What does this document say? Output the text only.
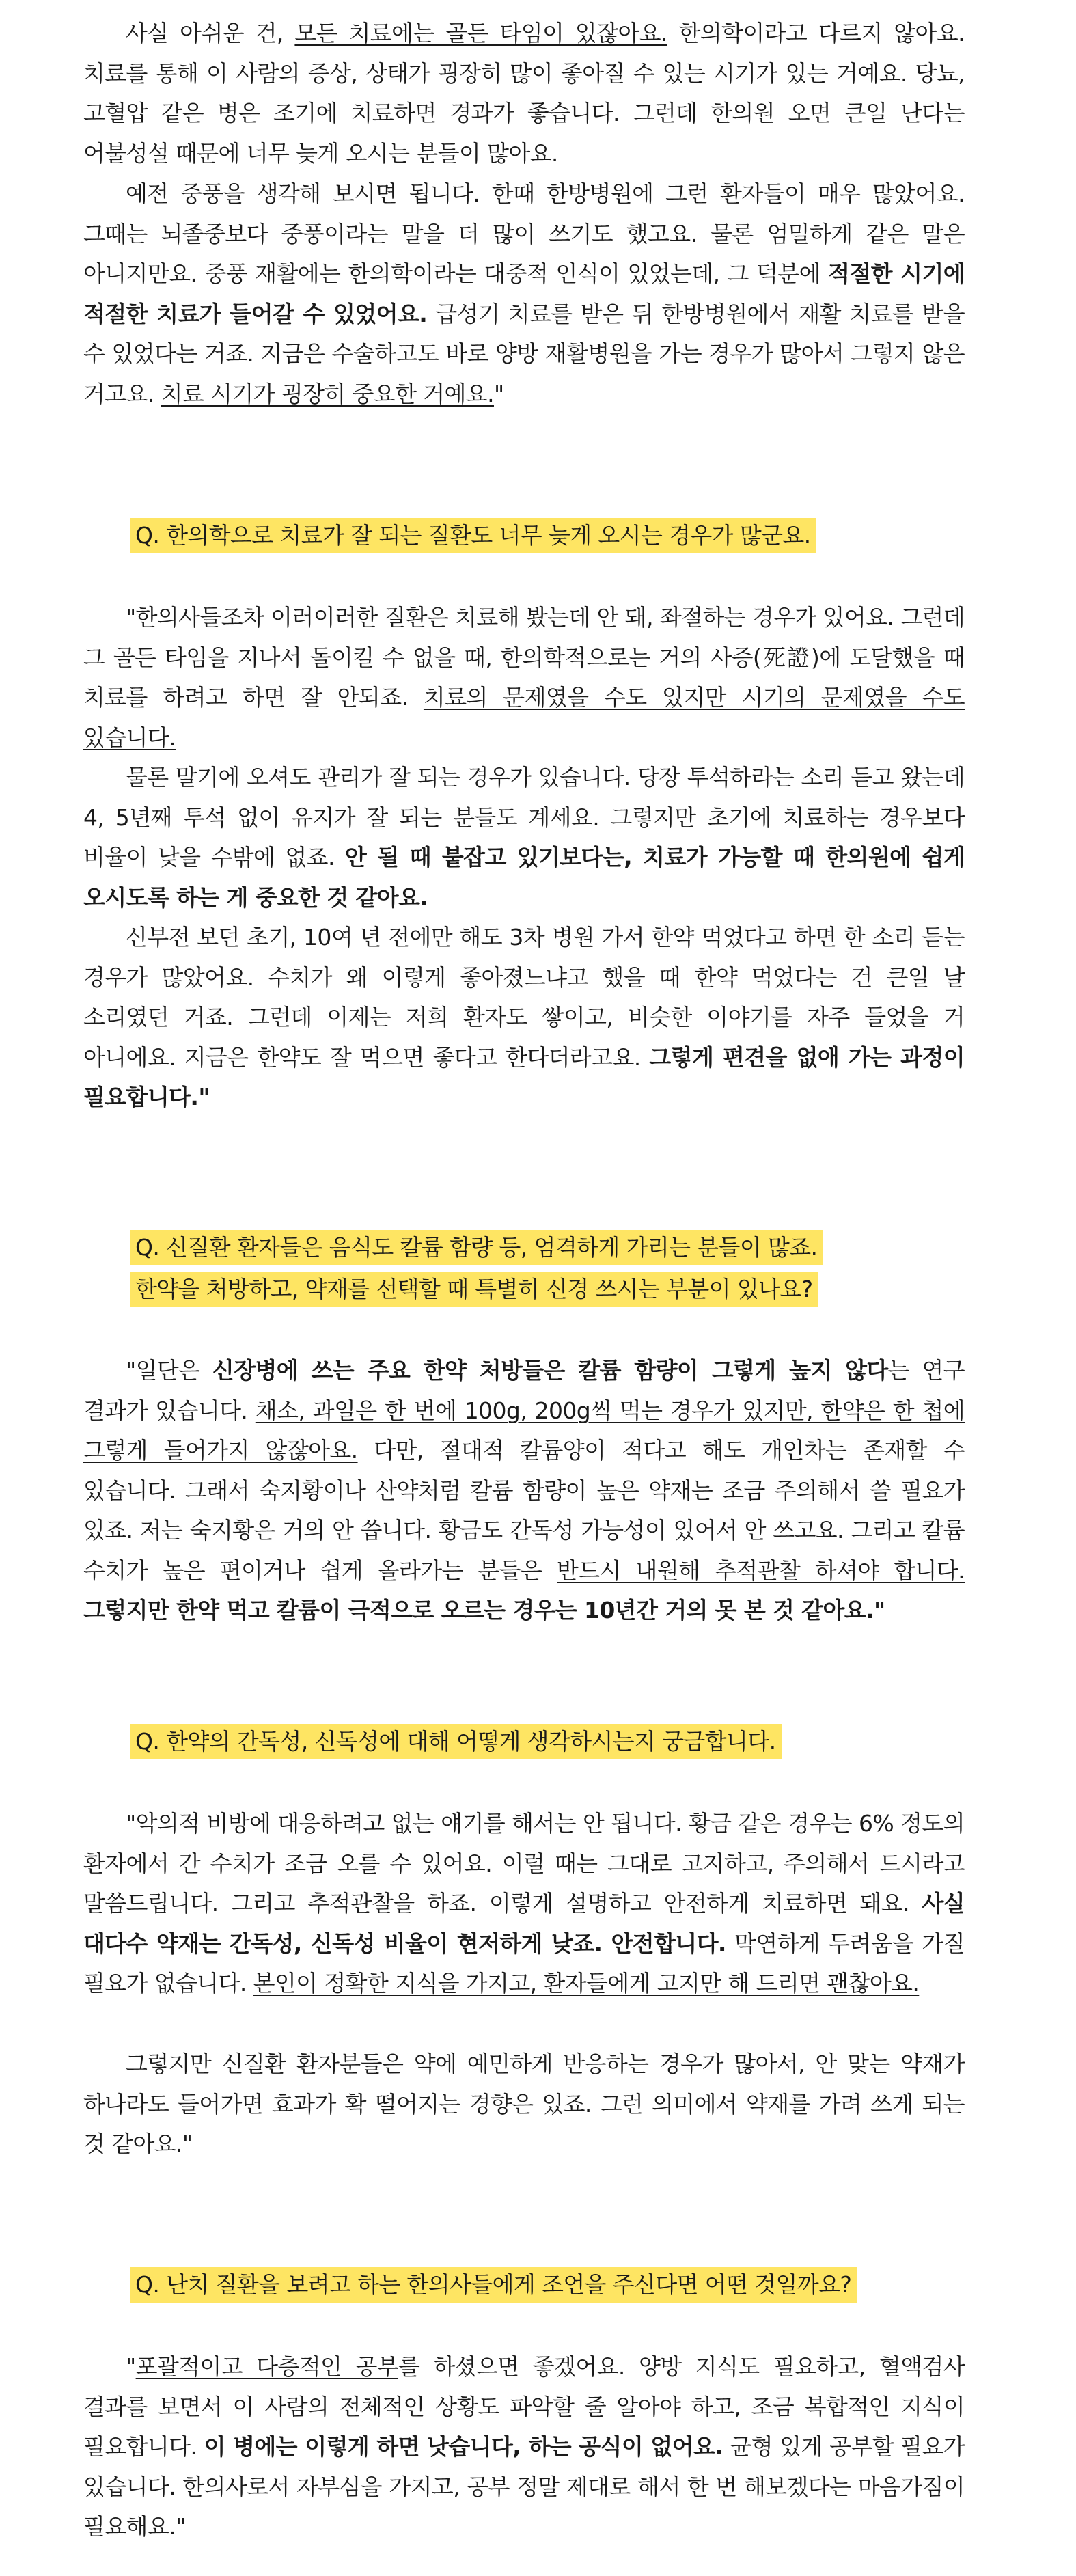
사실 아쉬운 건, 모든 치료에는 골든 타임이 있잖아요. 한의학이라고 다르지 않아요. 치료를 통해 이 사람의 증상, 상태가 굉장히 많이 좋아질 수 있는 시기가 있는 거예요. 당뇨, 고혈압 같은 병은 조기에 치료하면 경과가 좋습니다. 그런데 한의원 오면 큰일 난다는 어불성설 때문에 너무 늦게 오시는 분들이 많아요.

예전 중풍을 생각해 보시면 됩니다. 한때 한방병원에 그런 환자들이 매우 많았어요. 그때는 뇌졸중보다 중풍이라는 말을 더 많이 쓰기도 했고요. 물론 엄밀하게 같은 말은 아니지만요. 중풍 재활에는 한의학이라는 대중적 인식이 있었는데, 그 덕분에 적절한 시기에 적절한 치료가 들어갈 수 있었어요. 급성기 치료를 받은 뒤 한방병원에서 재활 치료를 받을 수 있었다는 거죠. 지금은 수술하고도 바로 양방 재활병원을 가는 경우가 많아서 그렇지 않은 거고요. 치료 시기가 굉장히 중요한 거예요."

Q. 한의학으로 치료가 잘 되는 질환도 너무 늦게 오시는 경우가 많군요.

"한의사들조차 이러이러한 질환은 치료해 봤는데 안 돼, 좌절하는 경우가 있어요. 그런데 그 골든 타임을 지나서 돌이킬 수 없을 때, 한의학적으로는 거의 사증(死證)에 도달했을 때 치료를 하려고 하면 잘 안되죠. 치료의 문제였을 수도 있지만 시기의 문제였을 수도 있습니다.

물론 말기에 오셔도 관리가 잘 되는 경우가 있습니다. 당장 투석하라는 소리 듣고 왔는데 4, 5년째 투석 없이 유지가 잘 되는 분들도 계세요. 그렇지만 초기에 치료하는 경우보다 비율이 낮을 수밖에 없죠. 안 될 때 붙잡고 있기보다는, 치료가 가능할 때 한의원에 쉽게 오시도록 하는 게 중요한 것 같아요.

신부전 보던 초기, 10여 년 전에만 해도 3차 병원 가서 한약 먹었다고 하면 한 소리 듣는 경우가 많았어요. 수치가 왜 이렇게 좋아졌느냐고 했을 때 한약 먹었다는 건 큰일 날 소리였던 거죠. 그런데 이제는 저희 환자도 쌓이고, 비슷한 이야기를 자주 들었을 거 아니에요. 지금은 한약도 잘 먹으면 좋다고 한다더라고요. 그렇게 편견을 없애 가는 과정이 필요합니다."

Q. 신질환 환자들은 음식도 칼륨 함량 등, 엄격하게 가리는 분들이 많죠.
한약을 처방하고, 약재를 선택할 때 특별히 신경 쓰시는 부분이 있나요?

"일단은 신장병에 쓰는 주요 한약 처방들은 칼륨 함량이 그렇게 높지 않다는 연구 결과가 있습니다. 채소, 과일은 한 번에 100g, 200g씩 먹는 경우가 있지만, 한약은 한 첩에 그렇게 들어가지 않잖아요. 다만, 절대적 칼륨양이 적다고 해도 개인차는 존재할 수 있습니다. 그래서 숙지황이나 산약처럼 칼륨 함량이 높은 약재는 조금 주의해서 쓸 필요가 있죠. 저는 숙지황은 거의 안 씁니다. 황금도 간독성 가능성이 있어서 안 쓰고요. 그리고 칼륨 수치가 높은 편이거나 쉽게 올라가는 분들은 반드시 내원해 추적관찰 하셔야 합니다. 그렇지만 한약 먹고 칼륨이 극적으로 오르는 경우는 10년간 거의 못 본 것 같아요."

Q. 한약의 간독성, 신독성에 대해 어떻게 생각하시는지 궁금합니다.

"악의적 비방에 대응하려고 없는 얘기를 해서는 안 됩니다. 황금 같은 경우는 6% 정도의 환자에서 간 수치가 조금 오를 수 있어요. 이럴 때는 그대로 고지하고, 주의해서 드시라고 말씀드립니다. 그리고 추적관찰을 하죠. 이렇게 설명하고 안전하게 치료하면 돼요. 사실 대다수 약재는 간독성, 신독성 비율이 현저하게 낮죠. 안전합니다. 막연하게 두려움을 가질 필요가 없습니다. 본인이 정확한 지식을 가지고, 환자들에게 고지만 해 드리면 괜찮아요.

그렇지만 신질환 환자분들은 약에 예민하게 반응하는 경우가 많아서, 안 맞는 약재가 하나라도 들어가면 효과가 확 떨어지는 경향은 있죠. 그런 의미에서 약재를 가려 쓰게 되는 것 같아요."

Q. 난치 질환을 보려고 하는 한의사들에게 조언을 주신다면 어떤 것일까요?

"포괄적이고 다층적인 공부를 하셨으면 좋겠어요. 양방 지식도 필요하고, 혈액검사 결과를 보면서 이 사람의 전체적인 상황도 파악할 줄 알아야 하고, 조금 복합적인 지식이 필요합니다. 이 병에는 이렇게 하면 낫습니다, 하는 공식이 없어요. 균형 있게 공부할 필요가 있습니다. 한의사로서 자부심을 가지고, 공부 정말 제대로 해서 한 번 해보겠다는 마음가짐이 필요해요."
